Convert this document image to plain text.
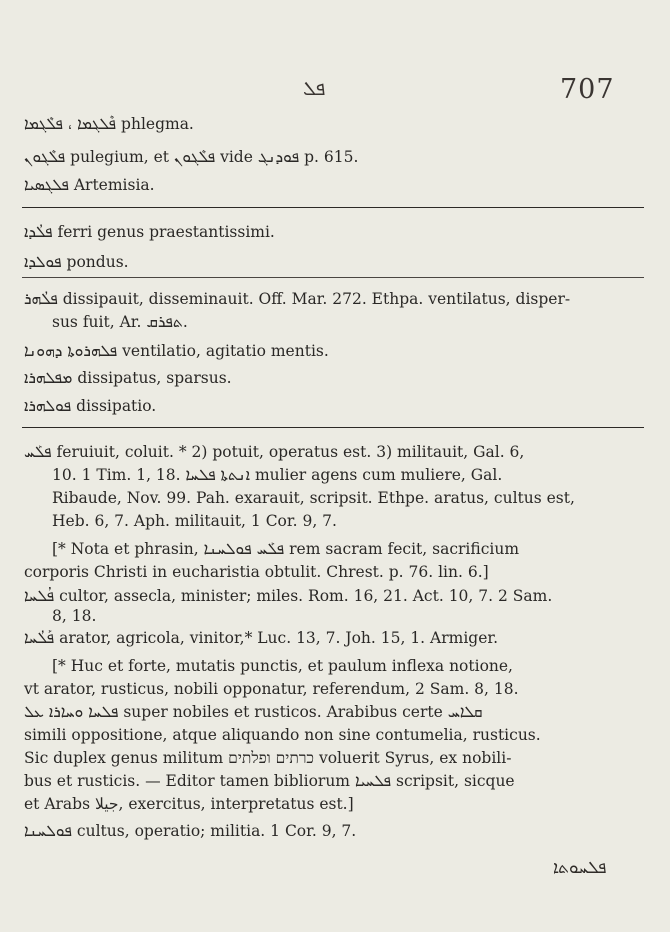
ܦܠ	707
ܦܶܠܓܡܐ ، ܦܠܶܓܡܐ phlegma.
ܦܠܶܓܘܢ pulegium, et ܦܠܶܓܘܢ vide ܦܘܕܢܓ p. 615.
ܦܠܓܣܝܐ Artemisia.
ܦܠܳܕܐ ferri genus praestantissimi.
ܦܘܠܕܐ pondus.
ܦܠܳܗܪ dissipauit, disseminauit. Off. Mar. 272. Ethpa. ventilatus, disper-
sus fuit, Ar. ܬܦܪܩ.
ܦܠܗܪܘܬܐ ܕܗܘܢܐ ventilatio, agitatio mentis.
ܡܦܠܗܪܐ dissipatus, sparsus.
ܦܘܠܗܪܐ dissipatio.
ܦܠܰܚ feruiuit, coluit. * 2) potuit, operatus est. 3) militauit, Gal. 6,
10. 1 Tim. 1, 18. ܐܢܬܬܐ ܦܠܚܐ mulier agens cum muliere, Gal.
Ribaude, Nov. 99. Pah. exarauit, scripsit. Ethpe. aratus, cultus est,
Heb. 6, 7. Aph. militauit, 1 Cor. 9, 7.
[* Nota et phrasin, ܦܠܰܚ ܦܘܠܚܢܐ rem sacram fecit, sacrificium
corporis Christi in eucharistia obtulit. Chrest. p. 76. lin. 6.]
ܦܳܠܚܐ cultor, assecla, minister; miles. Rom. 16, 21. Act. 10, 7. 2 Sam.
8, 18.
ܦܰܠܳܚܐ arator, agricola, vinitor,* Luc. 13, 7. Joh. 15, 1. Armiger.
[* Huc et forte, mutatis punctis, et paulum inflexa notione,
vt arator, rusticus, nobili opponatur, referendum, 2 Sam. 8, 18.
ܦܠܚܐ ܘܚܐܪܐ ܥܠ super nobiles et rusticos. Arabibus certe ܩܠܐܚ
simili oppositione, atque aliquando non sine contumelia, rusticus.
Sic duplex genus militum כרתים ופלתים voluerit Syrus, ex nobili-
bus et rusticis. — Editor tamen bibliorum ܦܠܚܝܐ scripsit, sicque
et Arabs جيلا, exercitus, interpretatus est.]
ܦܘܠܚܢܐ cultus, operatio; militia. 1 Cor. 9, 7.
ܦܠܚܘܬܐ
